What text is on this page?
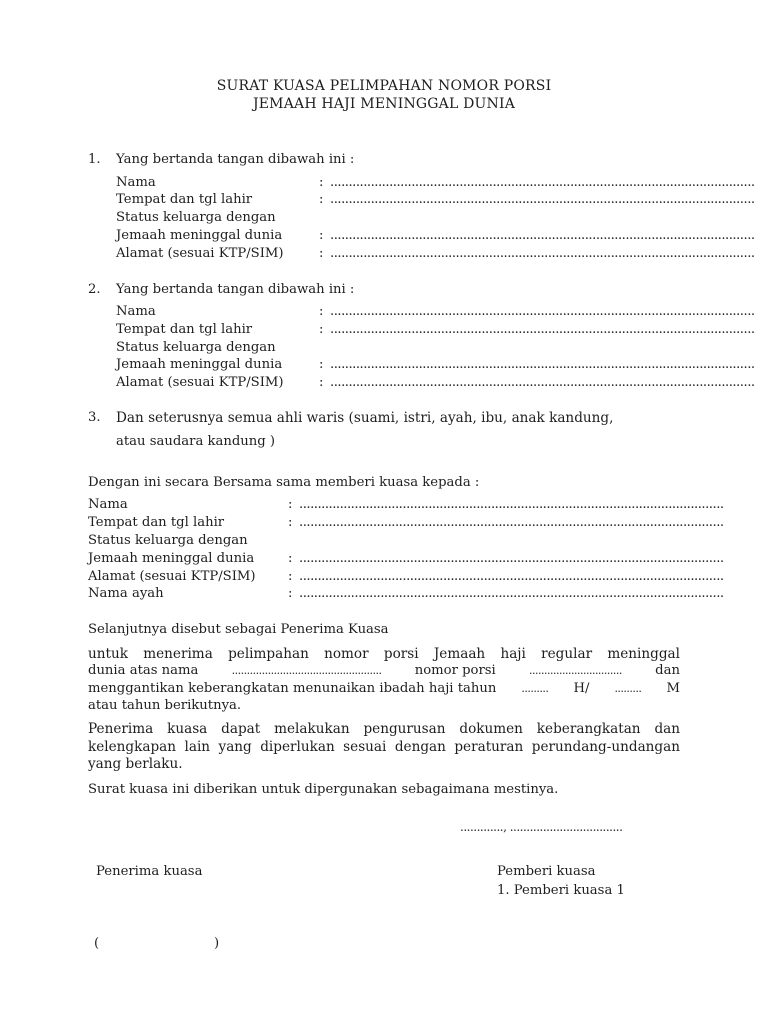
SURAT KUASA PELIMPAHAN NOMOR PORSI
JEMAAH HAJI MENINGGAL DUNIA
1. Yang bertanda tangan dibawah ini :
Nama	: ...................................................................................................................
Tempat dan tgl lahir	: ...................................................................................................................
Status keluarga dengan
Jemaah meninggal dunia	: ...................................................................................................................
Alamat (sesuai KTP/SIM)	: ...................................................................................................................
2. Yang bertanda tangan dibawah ini :
Nama	: ...................................................................................................................
Tempat dan tgl lahir	: ...................................................................................................................
Status keluarga dengan
Jemaah meninggal dunia	: ...................................................................................................................
Alamat (sesuai KTP/SIM)	: ...................................................................................................................
3. Dan seterusnya semua ahli waris (suami, istri, ayah, ibu, anak kandung,
atau saudara kandung )
Dengan ini secara Bersama sama memberi kuasa kepada :
Nama	: ...................................................................................................................
Tempat dan tgl lahir	: ...................................................................................................................
Status keluarga dengan
Jemaah meninggal dunia	: ...................................................................................................................
Alamat (sesuai KTP/SIM) : ...................................................................................................................
Nama ayah	: ...................................................................................................................
Selanjutnya disebut sebagai Penerima Kuasa
untuk menerima pelimpahan nomor porsi Jemaah haji regular meninggal
dunia atas nama	..................................................	nomor porsi	...............................	dan
menggantikan keberangkatan menunaikan ibadah haji tahun ......... H/ ......... M
atau tahun berikutnya.
Penerima kuasa dapat melakukan pengurusan dokumen keberangkatan dan kelengkapan lain yang diperlukan sesuai dengan peraturan perundang-undangan yang berlaku.
Surat kuasa ini diberikan untuk dipergunakan sebagaimana mestinya.
............., ..................................
Penerima kuasa	Pemberi kuasa
1. Pemberi kuasa 1
(	)
